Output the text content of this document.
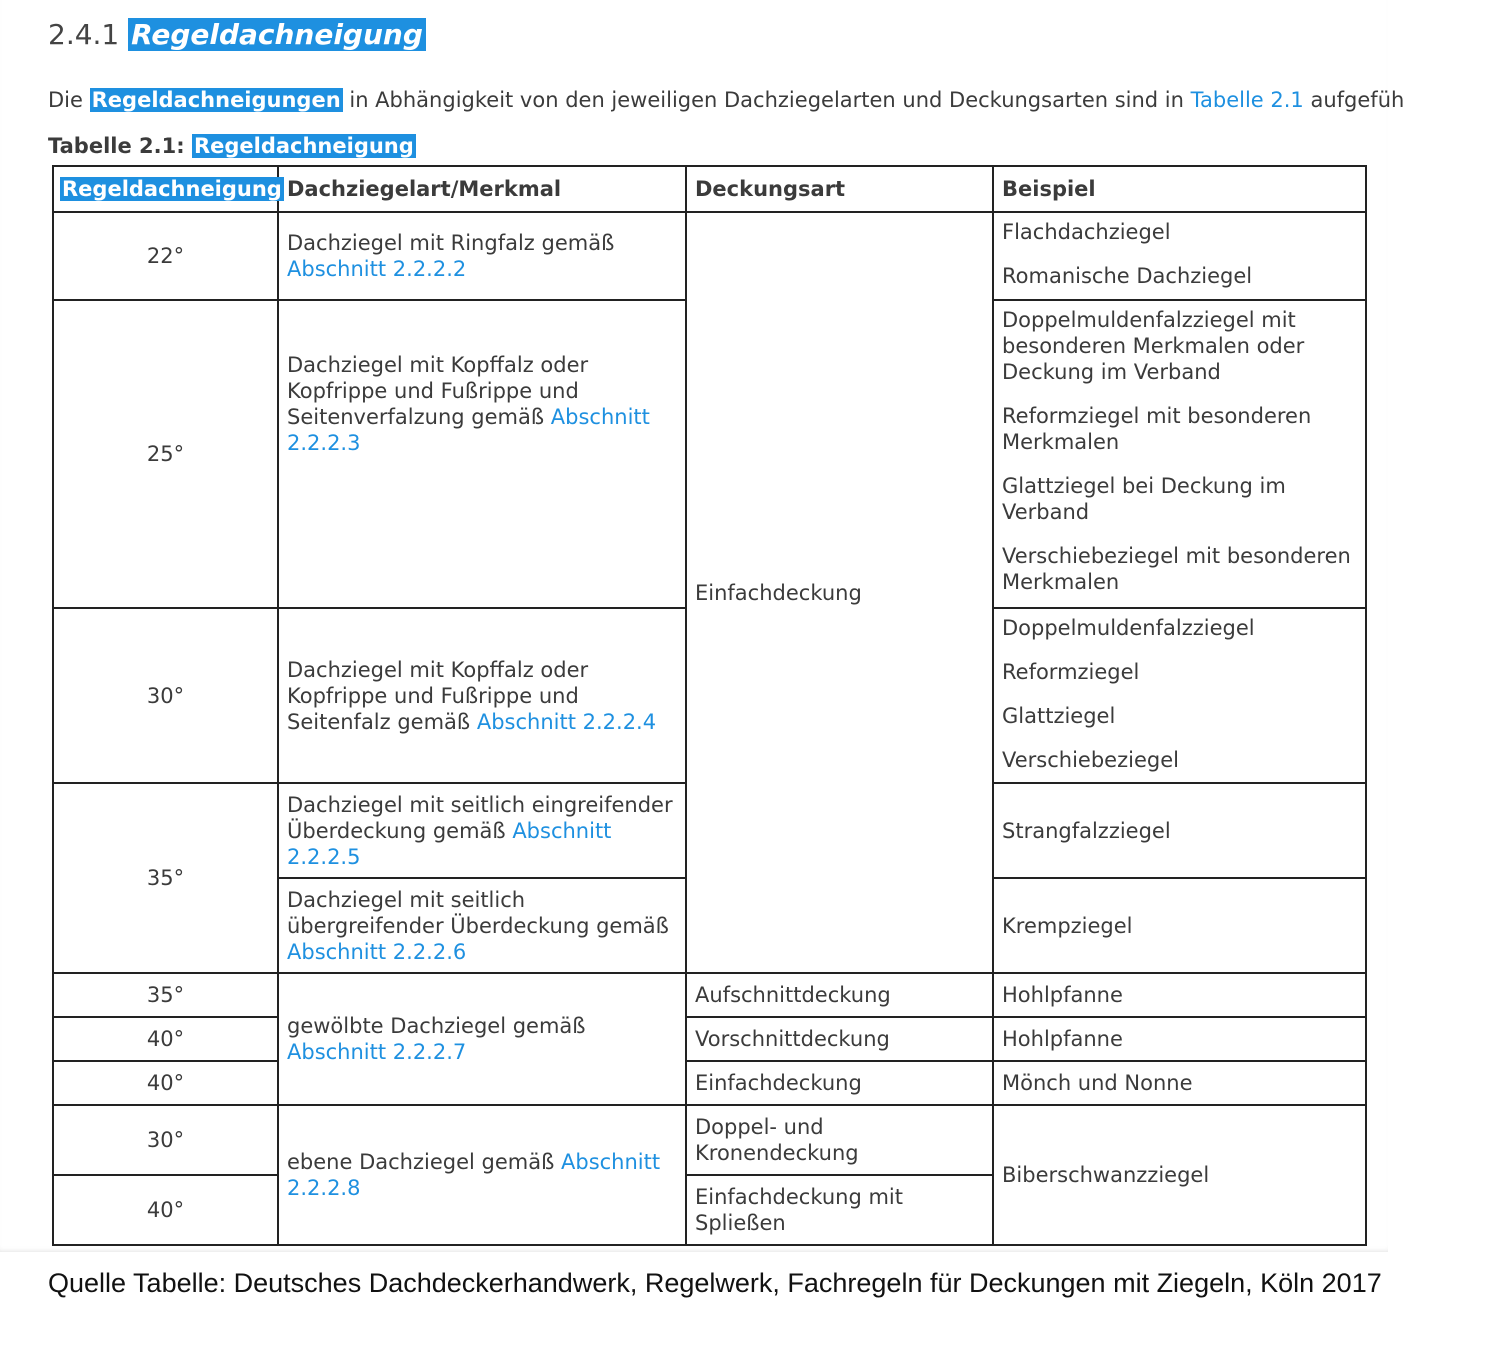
2.4.1 Regeldachneigung
Die Regeldachneigungen in Abhängigkeit von den jeweiligen Dachziegelarten und Deckungsarten sind in Tabelle 2.1 aufgefüh
Tabelle 2.1: Regeldachneigung
Regeldachneigung	Dachziegelart/Merkmal	Deckungsart	Beispiel
22°	Dachziegel mit Ringfalz gemäß Abschnitt 2.2.2.2	Einfachdeckung	Flachdachziegel
Romanische Dachziegel

25°	Dachziegel mit Kopffalz oder Kopfrippe und Fußrippe und Seitenverfalzung gemäß Abschnitt 2.2.2.3		Doppelmuldenfalzziegel mit besonderen Merkmalen oder Deckung im Verband
Reformziegel mit besonderen Merkmalen
Glattziegel bei Deckung im Verband
Verschiebeziegel mit besonderen Merkmalen

30°	Dachziegel mit Kopffalz oder Kopfrippe und Fußrippe und Seitenfalz gemäß Abschnitt 2.2.2.4		Doppelmuldenfalzziegel
Reformziegel
Glattziegel
Verschiebeziegel

35°	Dachziegel mit seitlich eingreifender Überdeckung gemäß Abschnitt 2.2.2.5		Strangfalzziegel
	Dachziegel mit seitlich übergreifender Überdeckung gemäß Abschnitt 2.2.2.6		Krempziegel
35°	gewölbte Dachziegel gemäß Abschnitt 2.2.2.7	Aufschnittdeckung	Hohlpfanne
40°		Vorschnittdeckung	Hohlpfanne
40°		Einfachdeckung	Mönch und Nonne
30°	ebene Dachziegel gemäß Abschnitt 2.2.2.8	Doppel- und Kronendeckung	Biberschwanzziegel
40°		Einfachdeckung mit Spließen	
Quelle Tabelle: Deutsches Dachdeckerhandwerk, Regelwerk, Fachregeln für Deckungen mit Ziegeln, Köln 2017
